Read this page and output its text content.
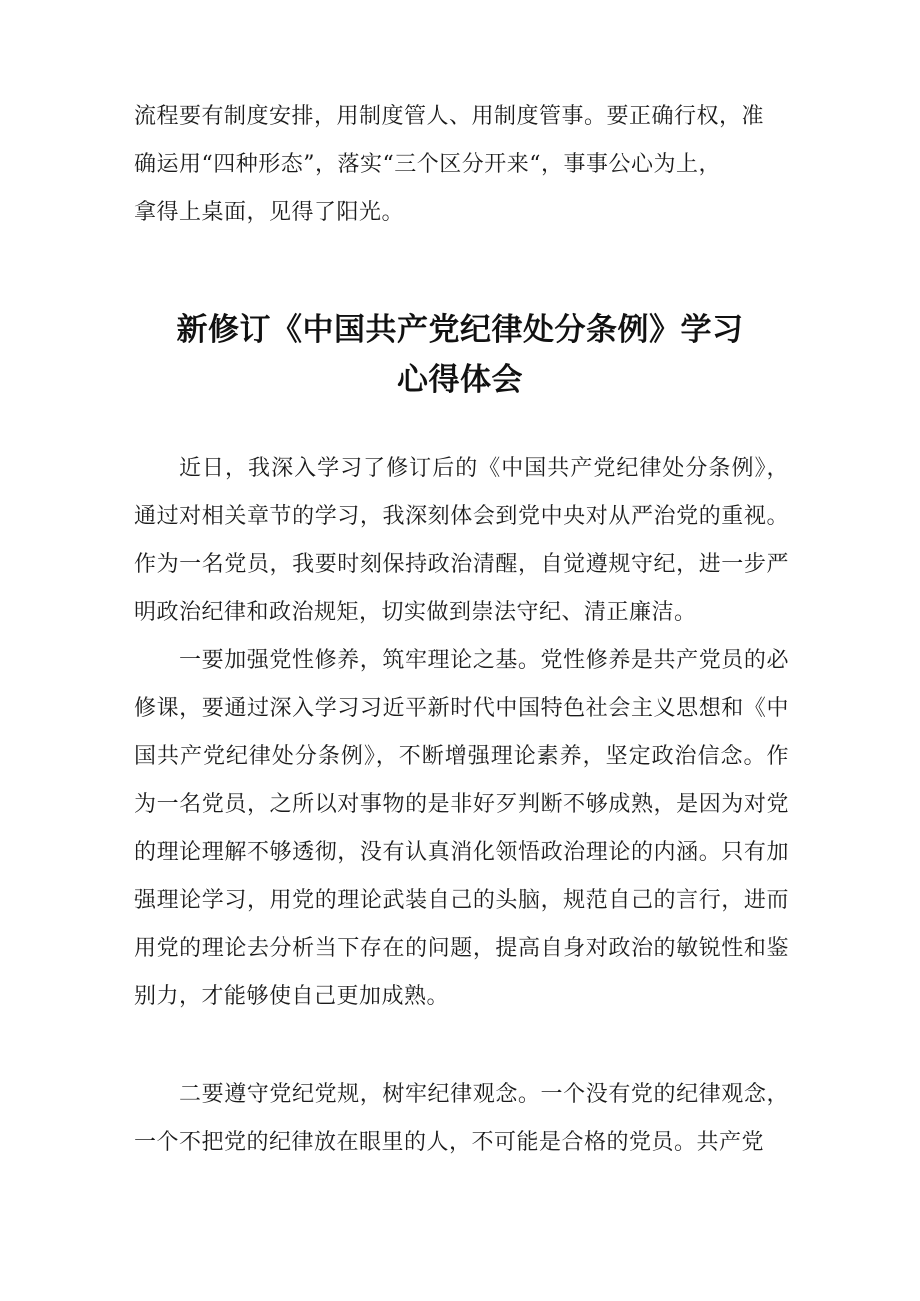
流程要有制度安排，用制度管人、用制度管事。要正确行权，准
确运用“四种形态”，落实“三个区分开来“，事事公心为上，
拿得上桌面，见得了阳光。
新修订《中国共产党纪律处分条例》学习
心得体会

近日，我深入学习了修订后的《中国共产党纪律处分条例》，通过对相关章节的学习，我深刻体会到党中央对从严治党的重视。作为一名党员，我要时刻保持政治清醒，自觉遵规守纪，进一步严明政治纪律和政治规矩，切实做到崇法守纪、清正廉洁。

一要加强党性修养，筑牢理论之基。党性修养是共产党员的必修课，要通过深入学习习近平新时代中国特色社会主义思想和《中国共产党纪律处分条例》，不断增强理论素养，坚定政治信念。作为一名党员，之所以对事物的是非好歹判断不够成熟，是因为对党的理论理解不够透彻，没有认真消化领悟政治理论的内涵。只有加强理论学习，用党的理论武装自己的头脑，规范自己的言行，进而用党的理论去分析当下存在的问题，提高自身对政治的敏锐性和鉴别力，才能够使自己更加成熟。

二要遵守党纪党规，树牢纪律观念。一个没有党的纪律观念，一个不把党的纪律放在眼里的人，不可能是合格的党员。共产党
